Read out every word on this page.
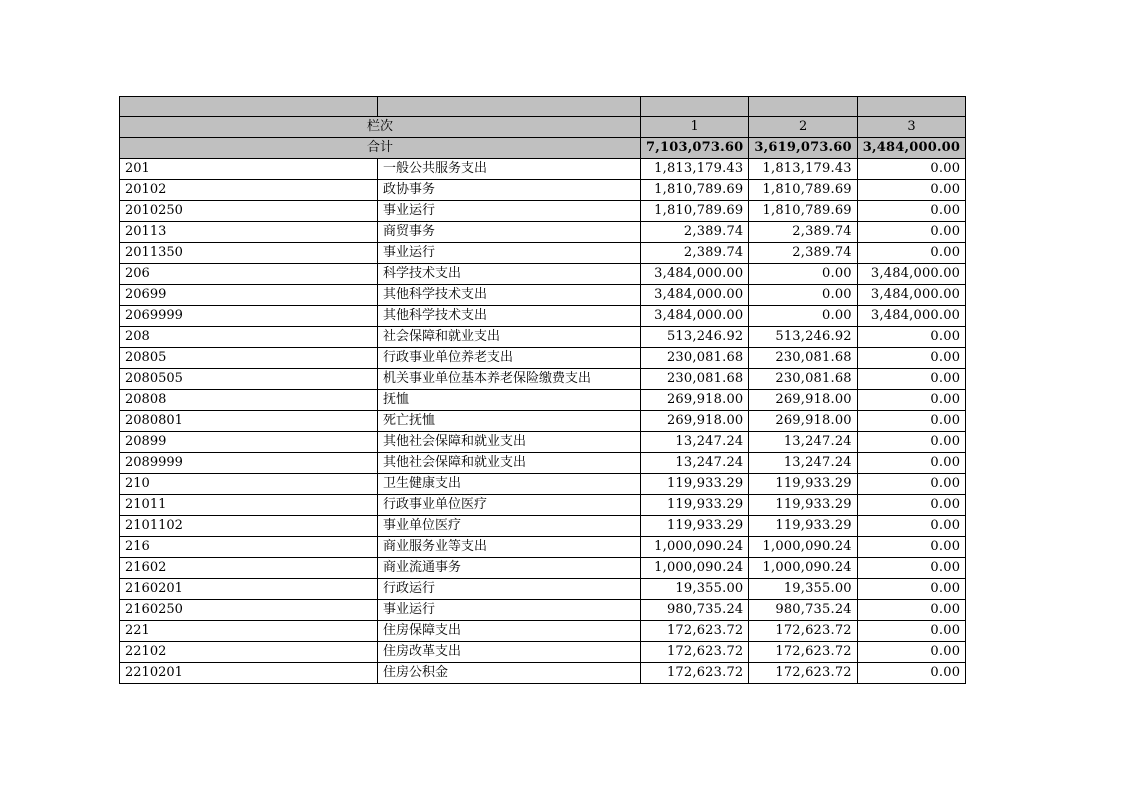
栏次		1	2	3
合计		7,103,073.60	3,619,073.60	3,484,000.00
201	一般公共服务支出	1,813,179.43	1,813,179.43	0.00
20102	政协事务	1,810,789.69	1,810,789.69	0.00
2010250	事业运行	1,810,789.69	1,810,789.69	0.00
20113	商贸事务	2,389.74	2,389.74	0.00
2011350	事业运行	2,389.74	2,389.74	0.00
206	科学技术支出	3,484,000.00	0.00	3,484,000.00
20699	其他科学技术支出	3,484,000.00	0.00	3,484,000.00
2069999	其他科学技术支出	3,484,000.00	0.00	3,484,000.00
208	社会保障和就业支出	513,246.92	513,246.92	0.00
20805	行政事业单位养老支出	230,081.68	230,081.68	0.00
2080505	机关事业单位基本养老保险缴费支出	230,081.68	230,081.68	0.00
20808	抚恤	269,918.00	269,918.00	0.00
2080801	死亡抚恤	269,918.00	269,918.00	0.00
20899	其他社会保障和就业支出	13,247.24	13,247.24	0.00
2089999	其他社会保障和就业支出	13,247.24	13,247.24	0.00
210	卫生健康支出	119,933.29	119,933.29	0.00
21011	行政事业单位医疗	119,933.29	119,933.29	0.00
2101102	事业单位医疗	119,933.29	119,933.29	0.00
216	商业服务业等支出	1,000,090.24	1,000,090.24	0.00
21602	商业流通事务	1,000,090.24	1,000,090.24	0.00
2160201	行政运行	19,355.00	19,355.00	0.00
2160250	事业运行	980,735.24	980,735.24	0.00
221	住房保障支出	172,623.72	172,623.72	0.00
22102	住房改革支出	172,623.72	172,623.72	0.00
2210201	住房公积金	172,623.72	172,623.72	0.00
